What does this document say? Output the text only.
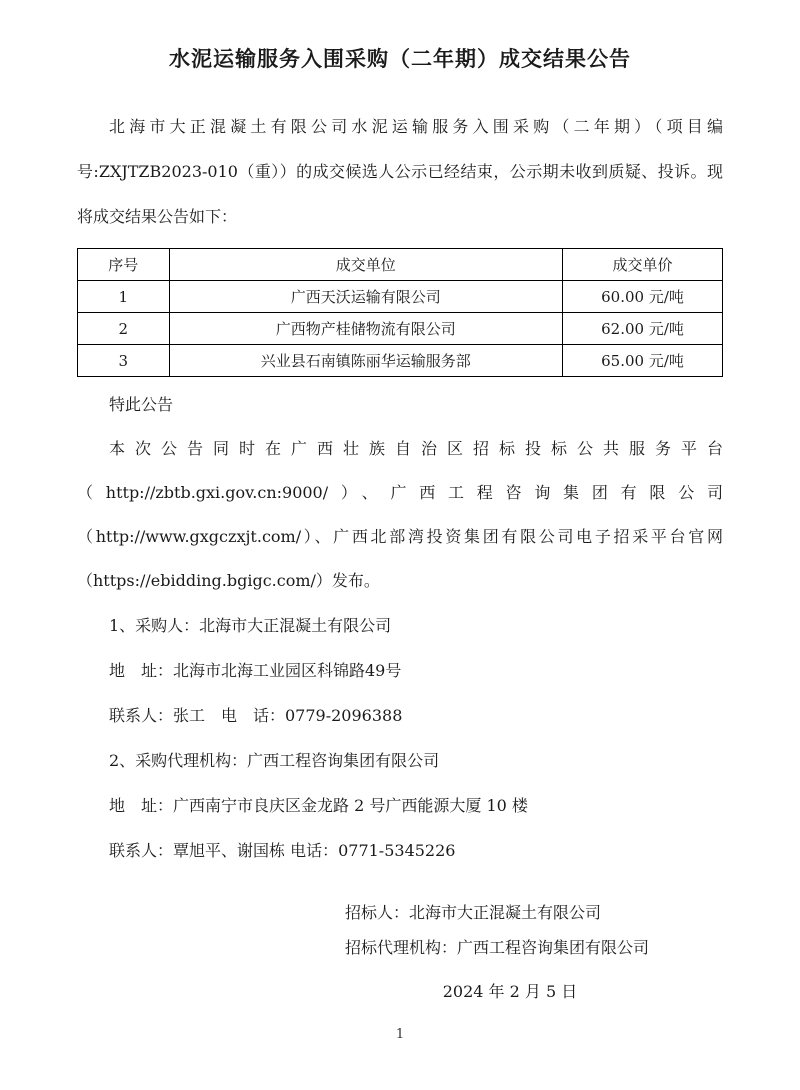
水泥运输服务入围采购（二年期）成交结果公告

北海市大正混凝土有限公司水泥运输服务入围采购（二年期）（项目编号:ZXJTZB2023-010（重））的成交候选人公示已经结束，公示期未收到质疑、投诉。现将成交结果公告如下：

序号	成交单位	成交单价
1	广西天沃运输有限公司	60.00 元/吨
2	广西物产桂储物流有限公司	62.00 元/吨
3	兴业县石南镇陈丽华运输服务部	65.00 元/吨

特此公告

本次公告同时在广西壮族自治区招标投标公共服务平台（http://zbtb.gxi.gov.cn:9000/）、广西工程咨询集团有限公司（http://www.gxgczxjt.com/）、广西北部湾投资集团有限公司电子招采平台官网（https://ebidding.bgigc.com/）发布。

1、采购人：北海市大正混凝土有限公司

地　址：北海市北海工业园区科锦路49号

联系人：张工　电　话：0779-2096388

2、采购代理机构：广西工程咨询集团有限公司

地　址：广西南宁市良庆区金龙路 2 号广西能源大厦 10 楼

联系人：覃旭平、谢国栋 电话：0771-5345226

招标人：北海市大正混凝土有限公司

招标代理机构：广西工程咨询集团有限公司

2024 年 2 月 5 日

1
